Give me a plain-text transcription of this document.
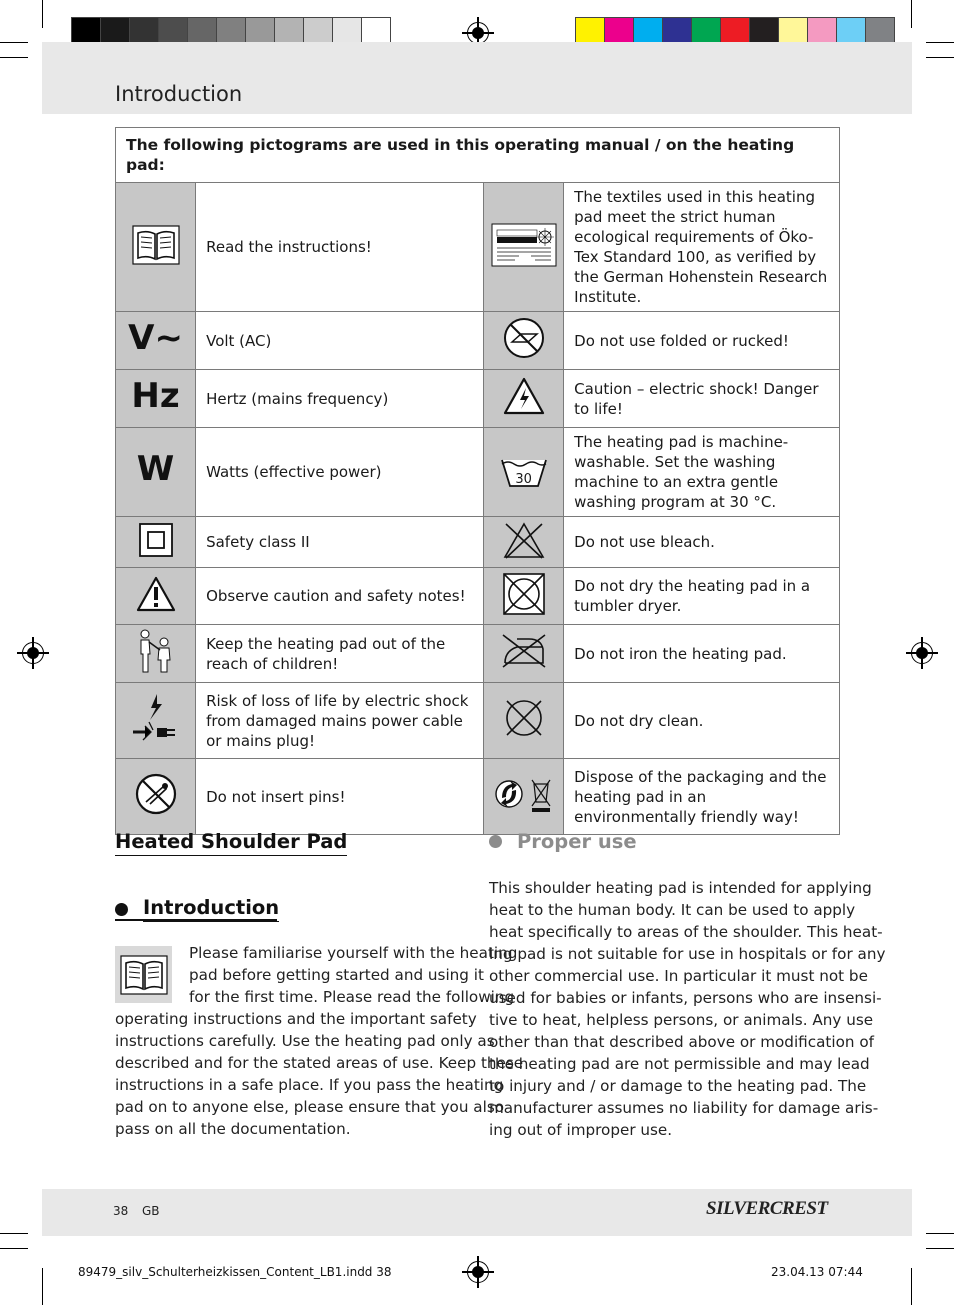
Introduction
The following pictograms are used in this operating manual / on the heating pad:			
	Read the instructions!		The textiles used in this heating pad meet the strict human ecological requirements of Öko-Tex Standard 100, as verified by the German Hohenstein Research Institute.
V~	Volt (AC)		Do not use folded or rucked!
Hz	Hertz (mains frequency)		Caution – electric shock! Danger to life!
W	Watts (effective power)	30	The heating pad is machine-washable. Set the washing machine to an extra gentle washing program at 30 °C.
	Safety class II		Do not use bleach.
	Observe caution and safety notes!		Do not dry the heating pad in a tumbler dryer.
	Keep the heating pad out of the reach of children!		Do not iron the heating pad.
	Risk of loss of life by electric shock from damaged mains power cable or mains plug!		Do not dry clean.
	Do not insert pins!		Dispose of the packaging and the heating pad in an environmentally friendly way!
Heated Shoulder Pad
Introduction
Please familiarise yourself with the heating
pad before getting started and using it
for the first time. Please read the following
operating instructions and the important safety
instructions carefully. Use the heating pad only as
described and for the stated areas of use. Keep these
instructions in a safe place. If you pass the heating
pad on to anyone else, please ensure that you also
pass on all the documentation.
Proper use
This shoulder heating pad is intended for applying
heat to the human body. It can be used to apply
heat specifically to areas of the shoulder. This heat-
ing pad is not suitable for use in hospitals or for any
other commercial use. In particular it must not be
used for babies or infants, persons who are insensi-
tive to heat, helpless persons, or animals. Any use
other than that described above or modification of
the heating pad are not permissible and may lead
to injury and / or damage to the heating pad. The
manufacturer assumes no liability for damage aris-
ing out of improper use.
38 GB	SILVERCREST
89479_silv_Schulterheizkissen_Content_LB1.indd 38	23.04.13 07:44
